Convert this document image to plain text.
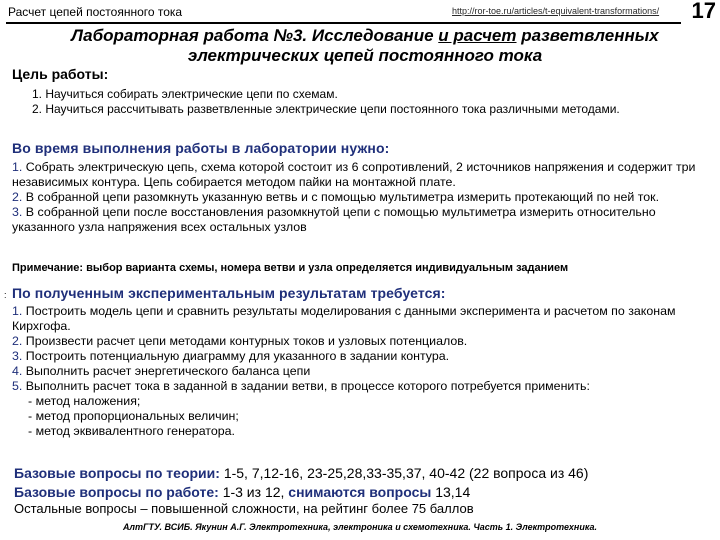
Расчет цепей постоянного тока	http://ror-toe.ru/articles/t-equivalent-transformations/ 17
Лабораторная работа №3. Исследование и расчет разветвленных
электрических цепей постоянного тока
Цель работы:
1. Научиться собирать электрические цепи по схемам.
2. Научиться рассчитывать разветвленные электрические цепи постоянного тока различными методами.
Во время выполнения работы в лаборатории нужно:
1. Собрать электрическую цепь, схема которой состоит из 6 сопротивлений, 2 источников напряжения и содержит три независимых контура. Цепь собирается методом пайки на монтажной плате.
2. В собранной цепи разомкнуть указанную ветвь и с помощью мультиметра измерить протекающий по ней ток.
3. В собранной цепи после восстановления разомкнутой цепи с помощью мультиметра измерить относительно указанного узла напряжения всех остальных узлов
Примечание: выбор варианта схемы, номера ветви и узла определяется индивидуальным заданием
: По полученным экспериментальным результатам требуется:
1. Построить модель цепи и сравнить результаты моделирования с данными эксперимента и расчетом по законам Кирхгофа.
2. Произвести расчет цепи методами контурных токов и узловых потенциалов.
3. Построить потенциальную диаграмму для указанного в задании контура.
4. Выполнить расчет энергетического баланса цепи
5. Выполнить расчет тока в заданной в задании ветви, в процессе которого потребуется применить:
- метод наложения;
- метод пропорциональных величин;
- метод эквивалентного генератора.
Базовые вопросы по теории: 1-5, 7,12-16, 23-25,28,33-35,37, 40-42 (22 вопроса из 46)
Базовые вопросы по работе: 1-3 из 12, снимаются вопросы 13,14
Остальные вопросы – повышенной сложности, на рейтинг более 75 баллов
АлтГТУ. ВСИБ. Якунин А.Г. Электротехника, электроника и схемотехника. Часть 1. Электротехника.
